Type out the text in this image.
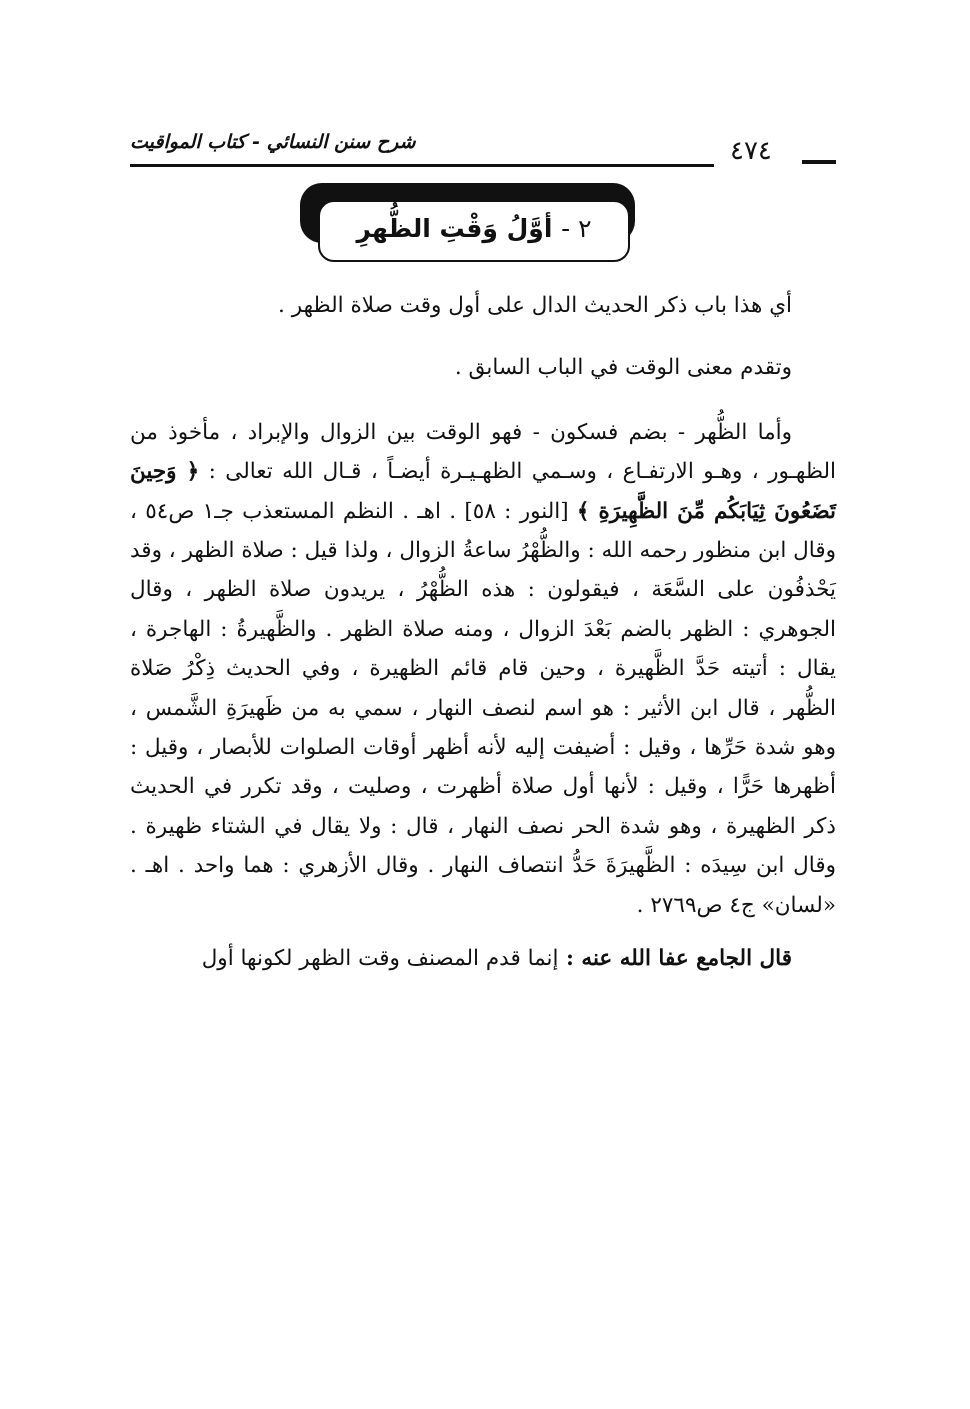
شرح سنن النسائي - كتاب المواقيت	٤٧٤
٢ - أوَّلُ وَقْتِ الظُّهرِ

أي هذا باب ذكر الحديث الدال على أول وقت صلاة الظهر .

وتقدم معنى الوقت في الباب السابق .

وأما الظُّهر - بضم فسكون - فهو الوقت بين الزوال والإبراد ، مأخوذ من الظهـور ، وهـو الارتفـاع ، وسـمي الظهـيـرة أيضـاً ، قـال الله تعالى : ﴿ وَحِينَ تَضَعُونَ ثِيَابَكُم مِّنَ الظَّهِيرَةِ ﴾ [النور : ٥٨] . اهـ . النظم المستعذب جـ١ ص٥٤ ، وقال ابن منظور رحمه الله : والظُّهْرُ ساعةُ الزوال ، ولذا قيل : صلاة الظهر ، وقد يَحْذفُون على السَّعَة ، فيقولون : هذه الظُّهْرُ ، يريدون صلاة الظهر ، وقال الجوهري : الظهر بالضم بَعْدَ الزوال ، ومنه صلاة الظهر . والظَّهيرةُ : الهاجرة ، يقال : أتيته حَدَّ الظَّهيرة ، وحين قام قائم الظهيرة ، وفي الحديث ذِكْرُ صَلاة الظُّهر ، قال ابن الأثير : هو اسم لنصف النهار ، سمي به من ظَهيرَةِ الشَّمس ، وهو شدة حَرِّها ، وقيل : أضيفت إليه لأنه أظهر أوقات الصلوات للأبصار ، وقيل : أظهرها حَرًّا ، وقيل : لأنها أول صلاة أظهرت ، وصليت ، وقد تكرر في الحديث ذكر الظهيرة ، وهو شدة الحر نصف النهار ، قال : ولا يقال في الشتاء ظهيرة . وقال ابن سِيدَه : الظَّهيرَةَ حَدُّ انتصاف النهار . وقال الأزهري : هما واحد . اهـ . «لسان» ج٤ ص٢٧٦٩ .

قال الجامع عفا الله عنه : إنما قدم المصنف وقت الظهر لكونها أول
